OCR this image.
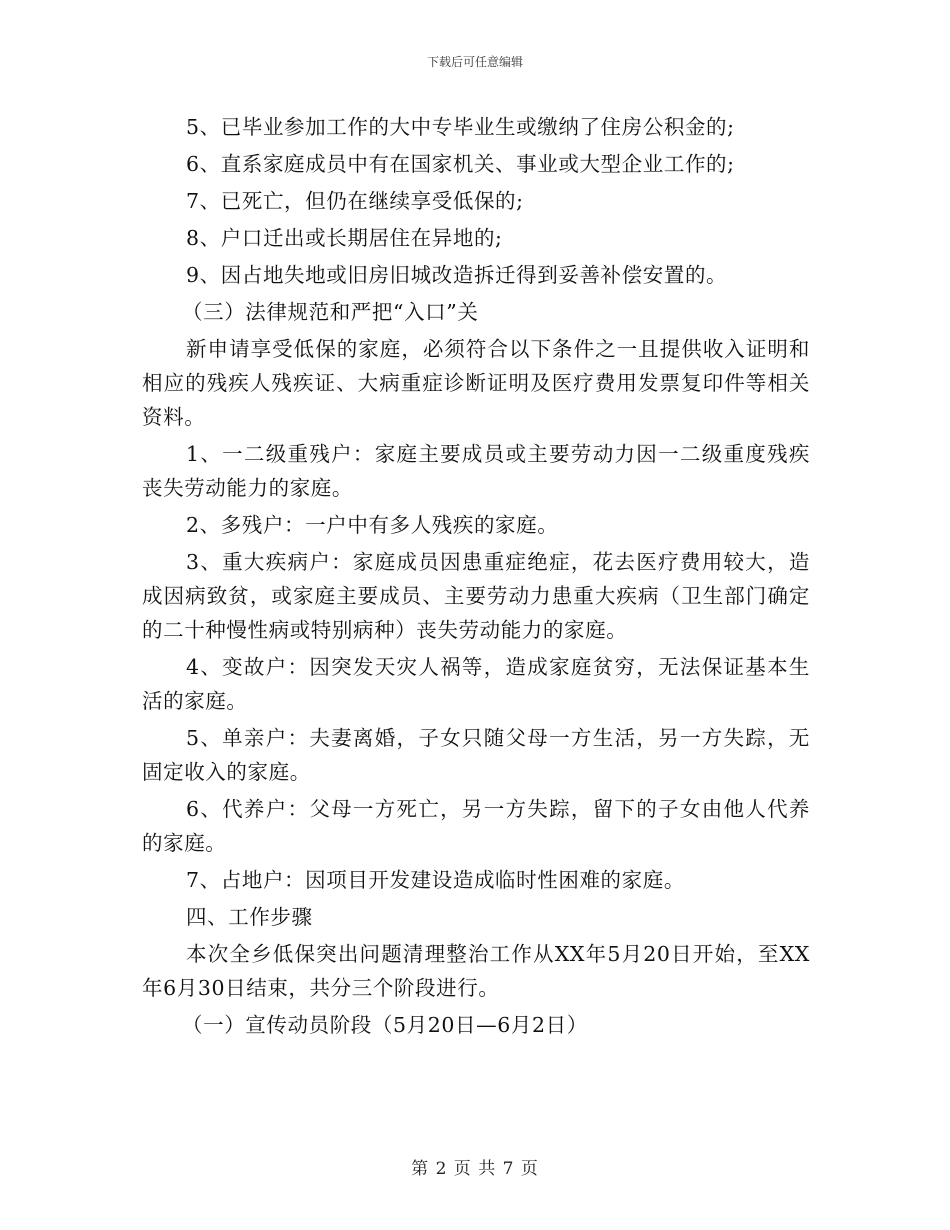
下载后可任意编辑

5、已毕业参加工作的大中专毕业生或缴纳了住房公积金的;

6、直系家庭成员中有在国家机关、事业或大型企业工作的;

7、已死亡，但仍在继续享受低保的;

8、户口迁出或长期居住在异地的;

9、因占地失地或旧房旧城改造拆迁得到妥善补偿安置的。

（三）法律规范和严把“入口”关

新申请享受低保的家庭，必须符合以下条件之一且提供收入证明和相应的残疾人残疾证、大病重症诊断证明及医疗费用发票复印件等相关资料。

1、一二级重残户：家庭主要成员或主要劳动力因一二级重度残疾丧失劳动能力的家庭。

2、多残户：一户中有多人残疾的家庭。

3、重大疾病户：家庭成员因患重症绝症，花去医疗费用较大，造成因病致贫，或家庭主要成员、主要劳动力患重大疾病（卫生部门确定的二十种慢性病或特别病种）丧失劳动能力的家庭。

4、变故户：因突发天灾人祸等，造成家庭贫穷，无法保证基本生活的家庭。

5、单亲户：夫妻离婚，子女只随父母一方生活，另一方失踪，无固定收入的家庭。

6、代养户：父母一方死亡，另一方失踪，留下的子女由他人代养的家庭。

7、占地户：因项目开发建设造成临时性困难的家庭。

四、工作步骤

本次全乡低保突出问题清理整治工作从XX年5月20日开始，至XX年6月30日结束，共分三个阶段进行。

（一）宣传动员阶段（5月20日—6月2日）

第 2 页 共 7 页
